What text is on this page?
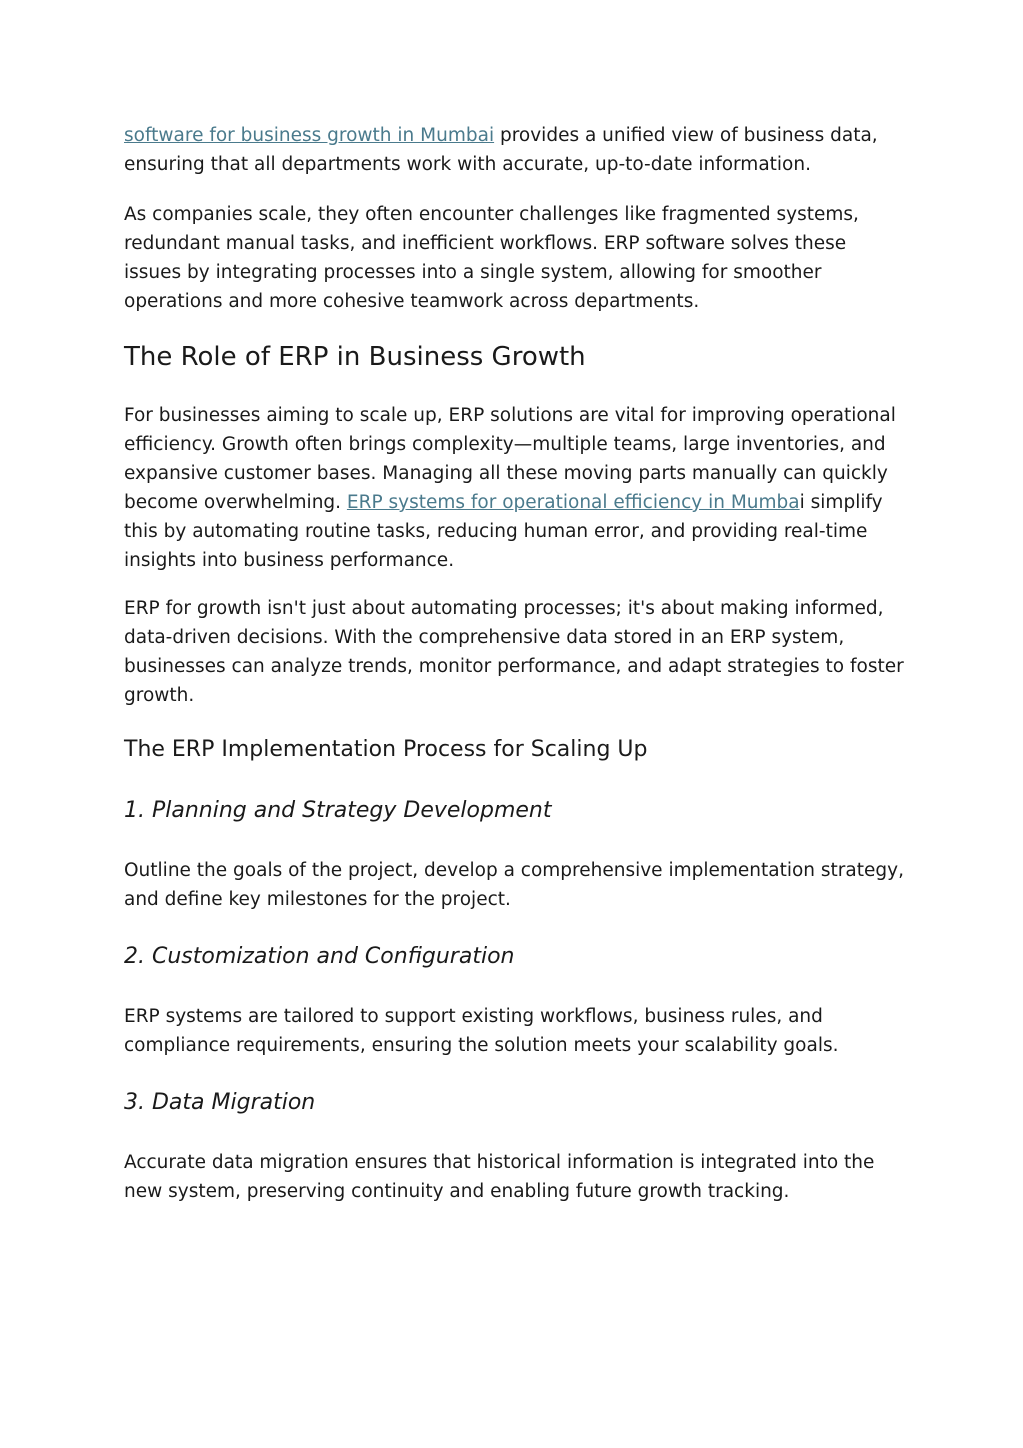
software for business growth in Mumbai provides a unified view of business data, ensuring that all departments work with accurate, up-to-date information.

As companies scale, they often encounter challenges like fragmented systems, redundant manual tasks, and inefficient workflows. ERP software solves these issues by integrating processes into a single system, allowing for smoother operations and more cohesive teamwork across departments.

The Role of ERP in Business Growth

For businesses aiming to scale up, ERP solutions are vital for improving operational efficiency. Growth often brings complexity—multiple teams, large inventories, and expansive customer bases. Managing all these moving parts manually can quickly become overwhelming. ERP systems for operational efficiency in Mumbai simplify this by automating routine tasks, reducing human error, and providing real-time insights into business performance.

ERP for growth isn't just about automating processes; it's about making informed, data-driven decisions. With the comprehensive data stored in an ERP system, businesses can analyze trends, monitor performance, and adapt strategies to foster growth.

The ERP Implementation Process for Scaling Up
1. Planning and Strategy Development

Outline the goals of the project, develop a comprehensive implementation strategy, and define key milestones for the project.

2. Customization and Configuration

ERP systems are tailored to support existing workflows, business rules, and compliance requirements, ensuring the solution meets your scalability goals.

3. Data Migration

Accurate data migration ensures that historical information is integrated into the new system, preserving continuity and enabling future growth tracking.
